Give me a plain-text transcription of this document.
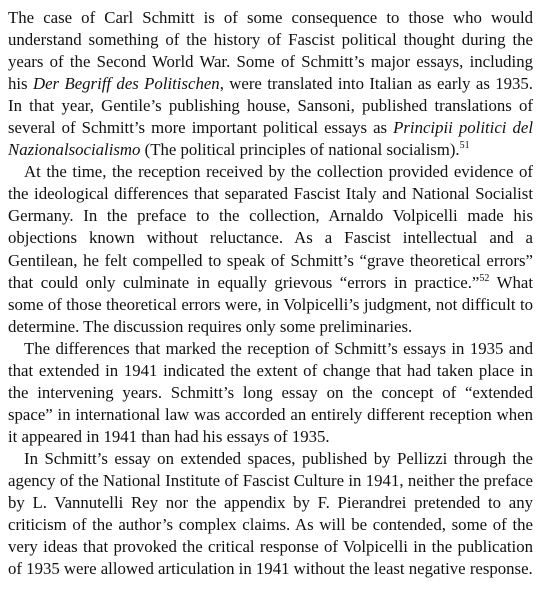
The case of Carl Schmitt is of some consequence to those who would understand something of the history of Fascist political thought during the years of the Second World War. Some of Schmitt’s major essays, including his Der Begriff des Politischen, were translated into Italian as early as 1935. In that year, Gentile’s publishing house, Sansoni, published translations of several of Schmitt’s more important political essays as Principii politici del Nazionalsocialismo (The political principles of national socialism).$^{51}$

At the time, the reception received by the collection provided evidence of the ideological differences that separated Fascist Italy and National Socialist Germany. In the preface to the collection, Arnaldo Volpicelli made his objections known without reluctance. As a Fascist intellectual and a Gentilean, he felt compelled to speak of Schmitt’s “grave theoretical errors” that could only culminate in equally grievous “errors in practice.”$^{52}$ What some of those theoretical errors were, in Volpicelli’s judgment, not difficult to determine. The discussion requires only some preliminaries.

The differences that marked the reception of Schmitt’s essays in 1935 and that extended in 1941 indicated the extent of change that had taken place in the intervening years. Schmitt’s long essay on the concept of “extended space” in international law was accorded an entirely different reception when it appeared in 1941 than had his essays of 1935.

In Schmitt’s essay on extended spaces, published by Pellizzi through the agency of the National Institute of Fascist Culture in 1941, neither the preface by L. Vannutelli Rey nor the appendix by F. Pierandrei pretended to any criticism of the author’s complex claims. As will be contended, some of the very ideas that provoked the critical response of Volpicelli in the publication of 1935 were allowed articulation in 1941 without the least negative response.
